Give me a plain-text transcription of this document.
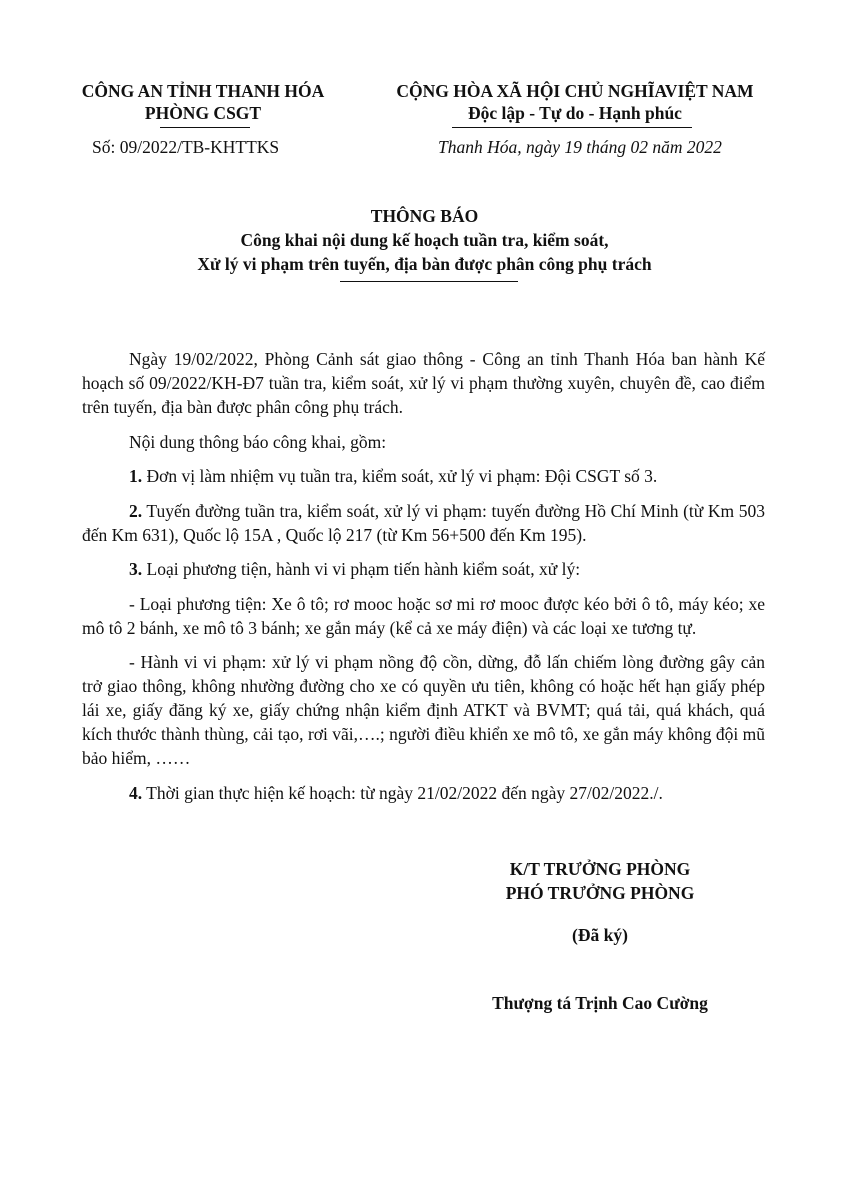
CÔNG AN TỈNH THANH HÓA
PHÒNG CSGT
CỘNG HÒA XÃ HỘI CHỦ NGHĨAVIỆT NAM
Độc lập - Tự do - Hạnh phúc
Số: 09/2022/TB-KHTTKS	Thanh Hóa, ngày 19 tháng 02 năm 2022
THÔNG BÁO
Công khai nội dung kế hoạch tuần tra, kiểm soát,
Xử lý vi phạm trên tuyến, địa bàn được phân công phụ trách

Ngày 19/02/2022, Phòng Cảnh sát giao thông - Công an tỉnh Thanh Hóa ban hành Kế hoạch số 09/2022/KH-Đ7 tuần tra, kiểm soát, xử lý vi phạm thường xuyên, chuyên đề, cao điểm trên tuyến, địa bàn được phân công phụ trách.

Nội dung thông báo công khai, gồm:

1. Đơn vị làm nhiệm vụ tuần tra, kiểm soát, xử lý vi phạm: Đội CSGT số 3.

2. Tuyến đường tuần tra, kiểm soát, xử lý vi phạm: tuyến đường Hồ Chí Minh (từ Km 503 đến Km 631), Quốc lộ 15A , Quốc lộ 217 (từ Km 56+500 đến Km 195).

3. Loại phương tiện, hành vi vi phạm tiến hành kiểm soát, xử lý:

- Loại phương tiện: Xe ô tô; rơ mooc hoặc sơ mi rơ mooc được kéo bởi ô tô, máy kéo; xe mô tô 2 bánh, xe mô tô 3 bánh; xe gắn máy (kể cả xe máy điện) và các loại xe tương tự.

- Hành vi vi phạm: xử lý vi phạm nồng độ cồn, dừng, đỗ lấn chiếm lòng đường gây cản trở giao thông, không nhường đường cho xe có quyền ưu tiên, không có hoặc hết hạn giấy phép lái xe, giấy đăng ký xe, giấy chứng nhận kiểm định ATKT và BVMT; quá tải, quá khách, quá kích thước thành thùng, cải tạo, rơi vãi,….; người điều khiển xe mô tô, xe gắn máy không đội mũ bảo hiểm, ……

4. Thời gian thực hiện kế hoạch: từ ngày 21/02/2022 đến ngày 27/02/2022./.

K/T TRƯỞNG PHÒNG
PHÓ TRƯỞNG PHÒNG
(Đã ký)
Thượng tá Trịnh Cao Cường
